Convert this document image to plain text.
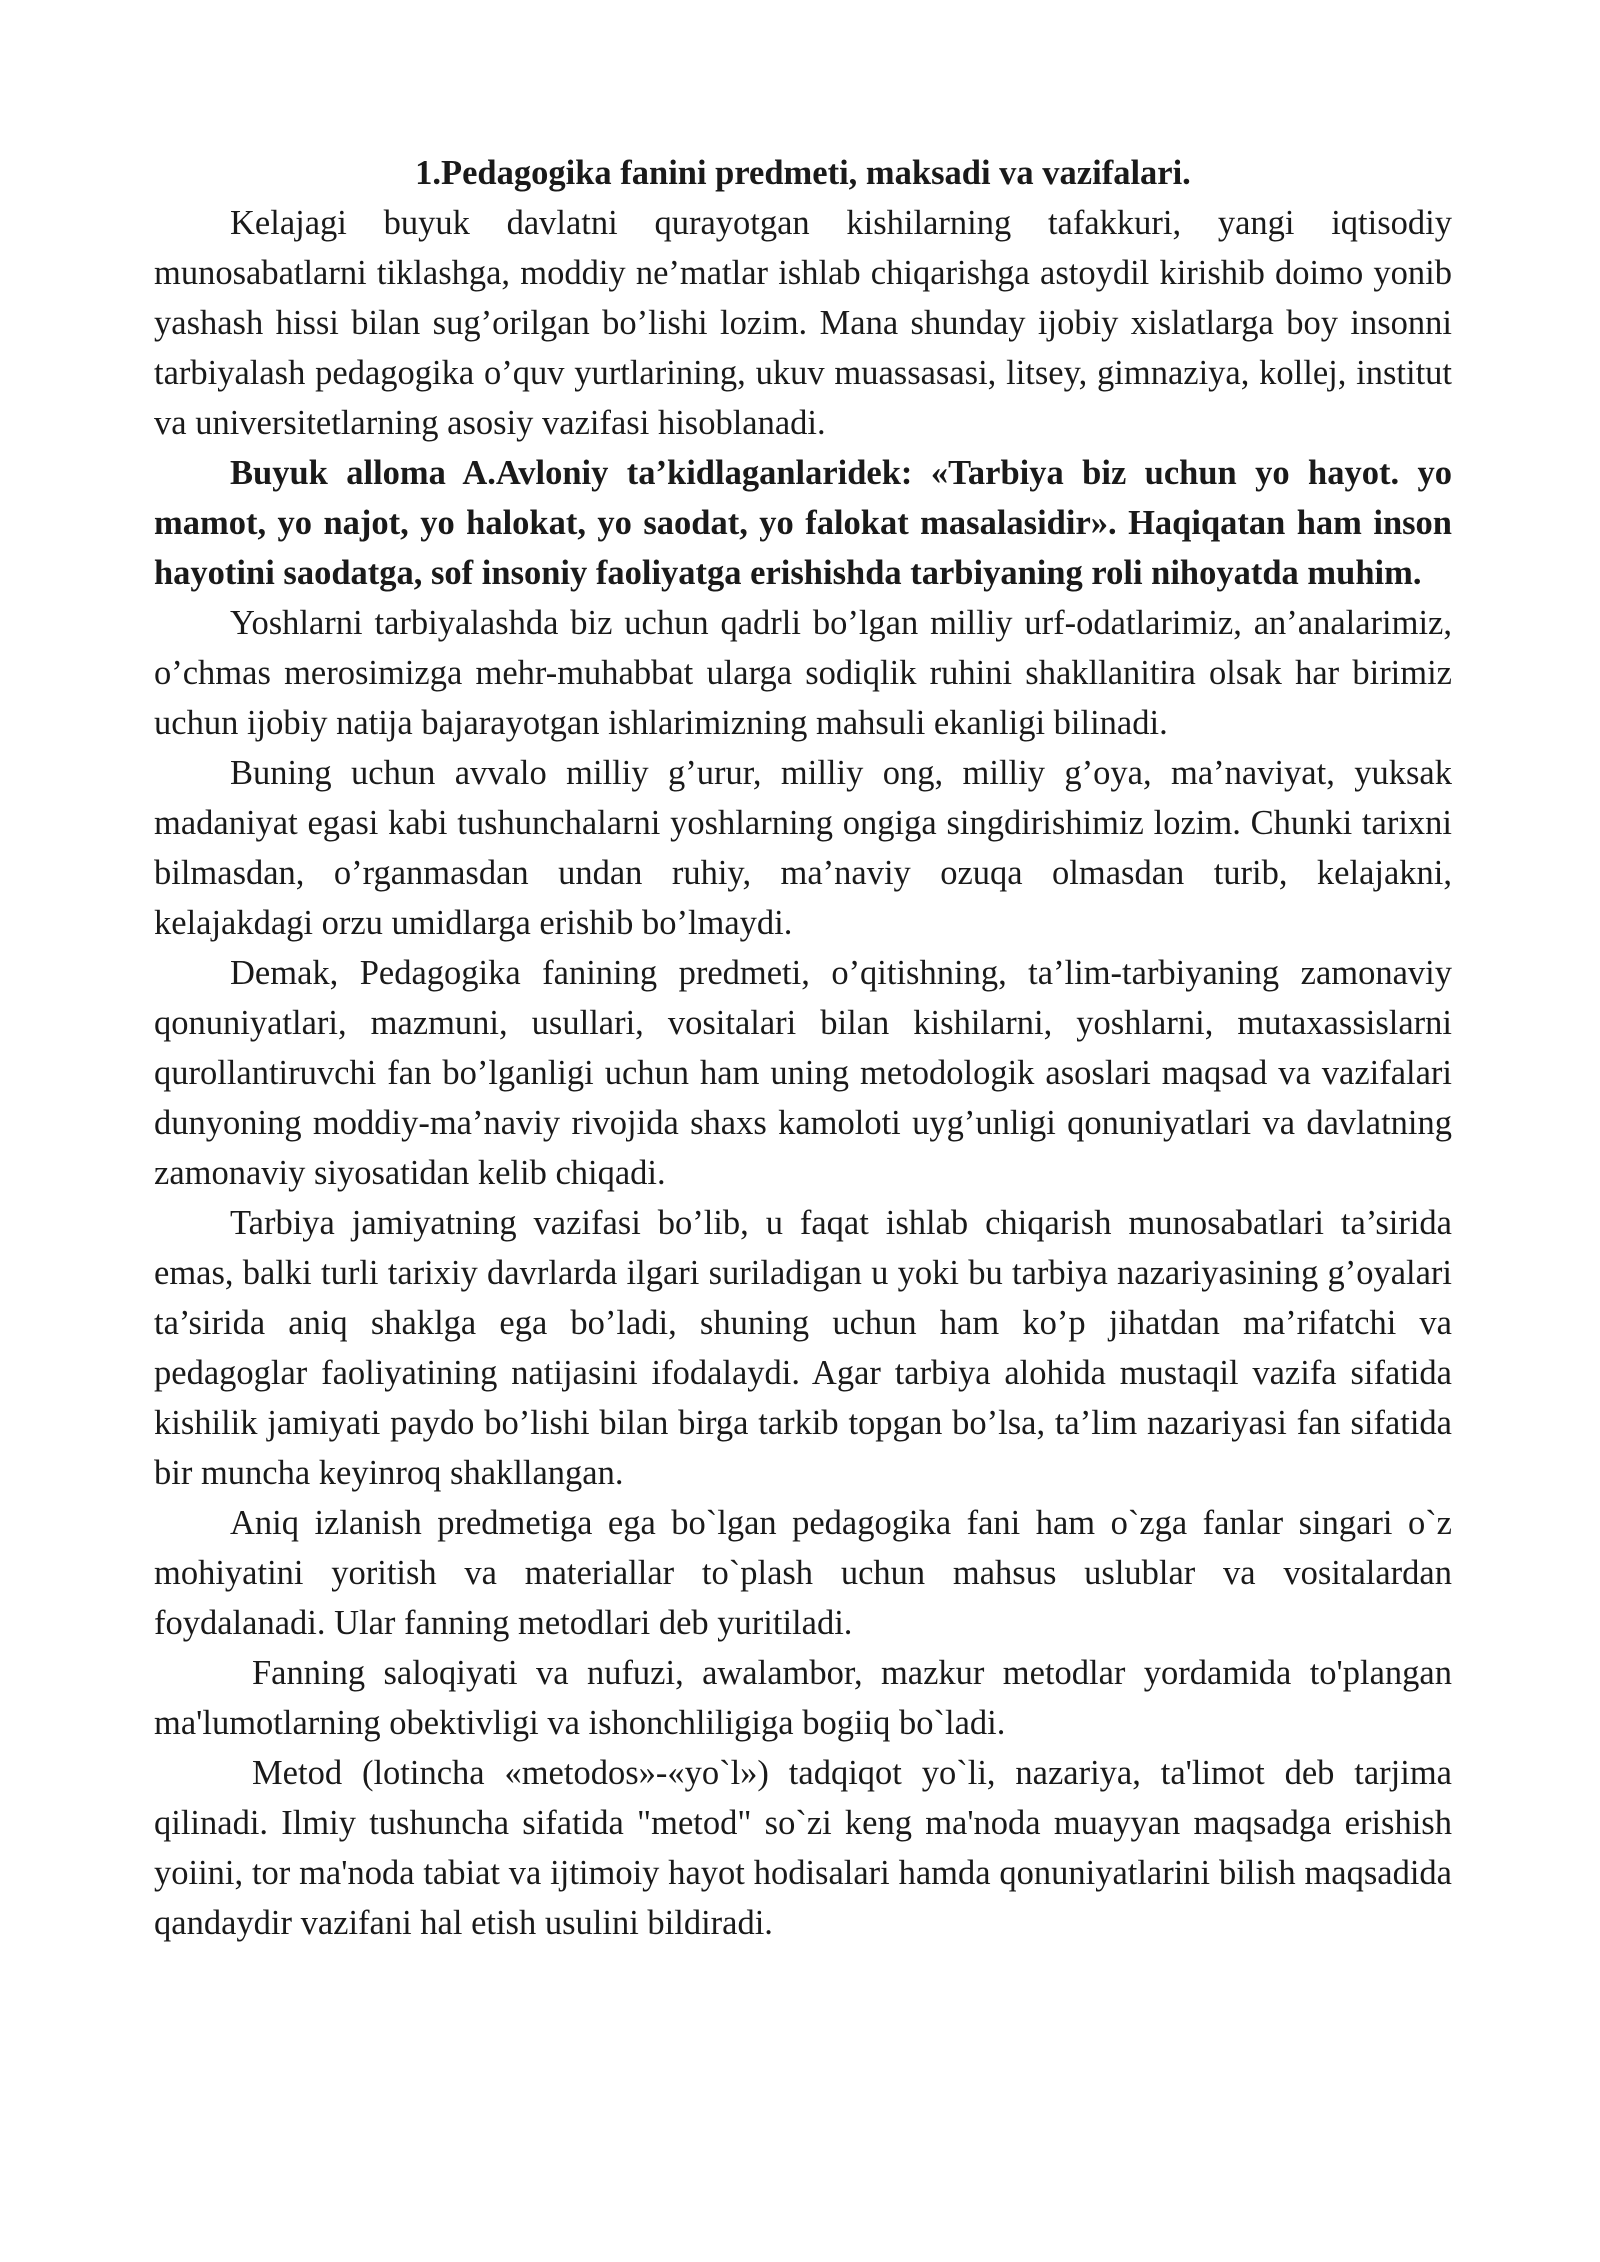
1.Pedagogika fanini predmeti, maksadi va vazifalari.

Kelajagi buyuk davlatni qurayotgan kishilarning tafakkuri, yangi iqtisodiy munosabatlarni tiklashga, moddiy ne’matlar ishlab chiqarishga astoydil kirishib doimo yonib yashash hissi bilan sug’orilgan bo’lishi lozim. Mana shunday ijobiy xislatlarga boy insonni tarbiyalash pedagogika o’quv yurtlarining, ukuv muassasasi, litsey, gimnaziya, kollej, institut va universitetlarning asosiy vazifasi hisoblanadi.

Buyuk alloma A.Avloniy ta’kidlaganlaridek: «Tarbiya biz uchun yo hayot. yo mamot, yo najot, yo halokat, yo saodat, yo falokat masalasidir». Haqiqatan ham inson hayotini saodatga, sof insoniy faoliyatga erishishda tarbiyaning roli nihoyatda muhim.

Yoshlarni tarbiyalashda biz uchun qadrli bo’lgan milliy urf-odatlarimiz, an’analarimiz, o’chmas merosimizga mehr-muhabbat ularga sodiqlik ruhini shakllanitira olsak har birimiz uchun ijobiy natija bajarayotgan ishlarimizning mahsuli ekanligi bilinadi.

Buning uchun avvalo milliy g’urur, milliy ong, milliy g’oya, ma’naviyat, yuksak madaniyat egasi kabi tushunchalarni yoshlarning ongiga singdirishimiz lozim. Chunki tarixni bilmasdan, o’rganmasdan undan ruhiy, ma’naviy ozuqa olmasdan turib, kelajakni, kelajakdagi orzu umidlarga erishib bo’lmaydi.

Demak, Pedagogika fanining predmeti, o’qitishning, ta’lim-tarbiyaning zamonaviy qonuniyatlari, mazmuni, usullari, vositalari bilan kishilarni, yoshlarni, mutaxassislarni qurollantiruvchi fan bo’lganligi uchun ham uning metodologik asoslari maqsad va vazifalari dunyoning moddiy-ma’naviy rivojida shaxs kamoloti uyg’unligi qonuniyatlari va davlatning zamonaviy siyosatidan kelib chiqadi.

Tarbiya jamiyatning vazifasi bo’lib, u faqat ishlab chiqarish munosabatlari ta’sirida emas, balki turli tarixiy davrlarda ilgari suriladigan u yoki bu tarbiya nazariyasining g’oyalari ta’sirida aniq shaklga ega bo’ladi, shuning uchun ham ko’p jihatdan ma’rifatchi va pedagoglar faoliyatining natijasini ifodalaydi. Agar tarbiya alohida mustaqil vazifa sifatida kishilik jamiyati paydo bo’lishi bilan birga tarkib topgan bo’lsa, ta’lim nazariyasi fan sifatida bir muncha keyinroq shakllangan.

Aniq izlanish predmetiga ega bo`lgan pedagogika fani ham o`zga fanlar singari o`z mohiyatini yoritish va materiallar to`plash uchun mahsus uslublar va vositalardan foydalanadi. Ular fanning metodlari deb yuritiladi.

Fanning saloqiyati va nufuzi, awalambor, mazkur metodlar yordamida to'plangan ma'lumotlarning obektivligi va ishonchliligiga bogiiq bo`ladi.

Metod (lotincha «metodos»-«yo`l») tadqiqot yo`li, nazariya, ta'limot deb tarjima qilinadi. Ilmiy tushuncha sifatida "metod" so`zi keng ma'noda muayyan maqsadga erishish yoiini, tor ma'noda tabiat va ijtimoiy hayot hodisalari hamda qonuniyatlarini bilish maqsadida qandaydir vazifani hal etish usulini bildiradi.
